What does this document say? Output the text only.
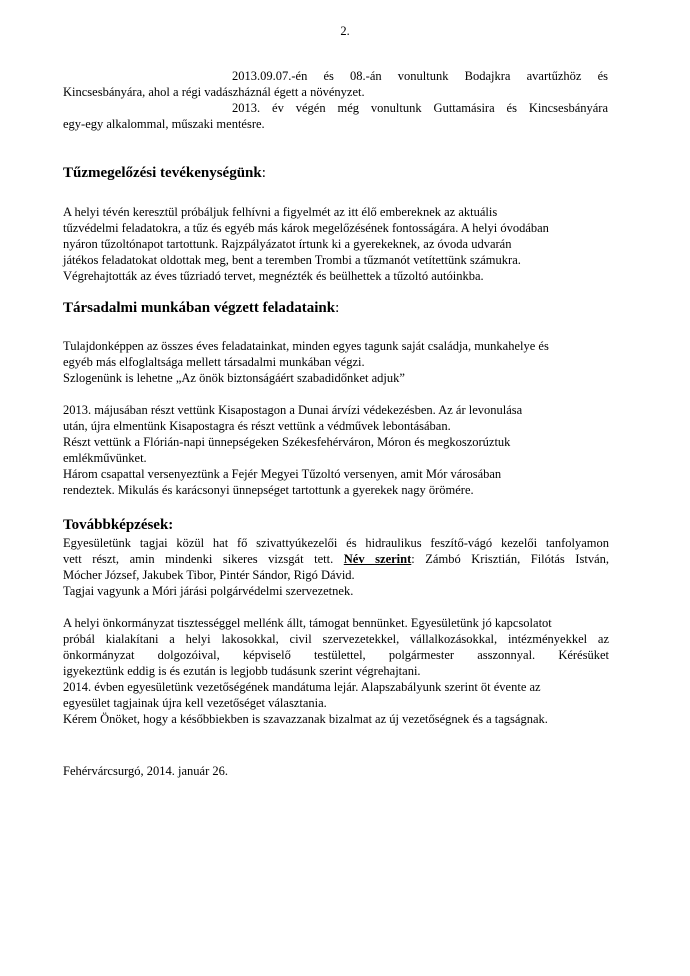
2.
2013.09.07.-én és 08.-án vonultunk Bodajkra avartűzhöz és
Kincsesbányára, ahol a régi vadászháznál égett a növényzet.
2013. év végén még vonultunk Guttamásira és Kincsesbányára
egy-egy alkalommal, műszaki mentésre.
Tűzmegelőzési tevékenységünk:
A helyi tévén keresztül próbáljuk felhívni a figyelmét az itt élő embereknek az aktuális
tűzvédelmi feladatokra, a tűz és egyéb más károk megelőzésének fontosságára. A helyi óvodában
nyáron tűzoltónapot tartottunk. Rajzpályázatot írtunk ki a gyerekeknek, az óvoda udvarán
játékos feladatokat oldottak meg, bent a teremben Trombi a tűzmanót vetítettünk számukra.
Végrehajtották az éves tűzriadó tervet, megnézték és beülhettek a tűzoltó autóinkba.
Társadalmi munkában végzett feladataink:
Tulajdonképpen az összes éves feladatainkat, minden egyes tagunk saját családja, munkahelye és
egyéb más elfoglaltsága mellett társadalmi munkában végzi.
Szlogenünk is lehetne „Az önök biztonságáért szabadidőnket adjuk”
2013. májusában részt vettünk Kisapostagon a Dunai árvízi védekezésben. Az ár levonulása
után, újra elmentünk Kisapostagra és részt vettünk a védművek lebontásában.
Részt vettünk a Flórián-napi ünnepségeken Székesfehérváron, Móron és megkoszorúztuk
emlékművünket.
Három csapattal versenyeztünk a Fejér Megyei Tűzoltó versenyen, amit Mór városában
rendeztek. Mikulás és karácsonyi ünnepséget tartottunk a gyerekek nagy örömére.
Továbbképzések:
Egyesületünk tagjai közül hat fő szivattyúkezelői és hidraulikus feszítő-vágó kezelői tanfolyamon
vett részt, amin mindenki sikeres vizsgát tett. Név szerint: Zámbó Krisztián, Filótás István,
Mócher József, Jakubek Tibor, Pintér Sándor, Rigó Dávid.
Tagjai vagyunk a Móri járási polgárvédelmi szervezetnek.
A helyi önkormányzat tisztességgel mellénk állt, támogat bennünket. Egyesületünk jó kapcsolatot
próbál kialakítani a helyi lakosokkal, civil szervezetekkel, vállalkozásokkal, intézményekkel az
önkormányzat dolgozóival, képviselő testülettel, polgármester asszonnyal. Kérésüket
igyekeztünk eddig is és ezután is legjobb tudásunk szerint végrehajtani.
2014. évben egyesületünk vezetőségének mandátuma lejár. Alapszabályunk szerint öt évente az
egyesület tagjainak újra kell vezetőséget választania.
Kérem Önöket, hogy a későbbiekben is szavazzanak bizalmat az új vezetőségnek és a tagságnak.
Fehérvárcsurgó, 2014. január 26.
